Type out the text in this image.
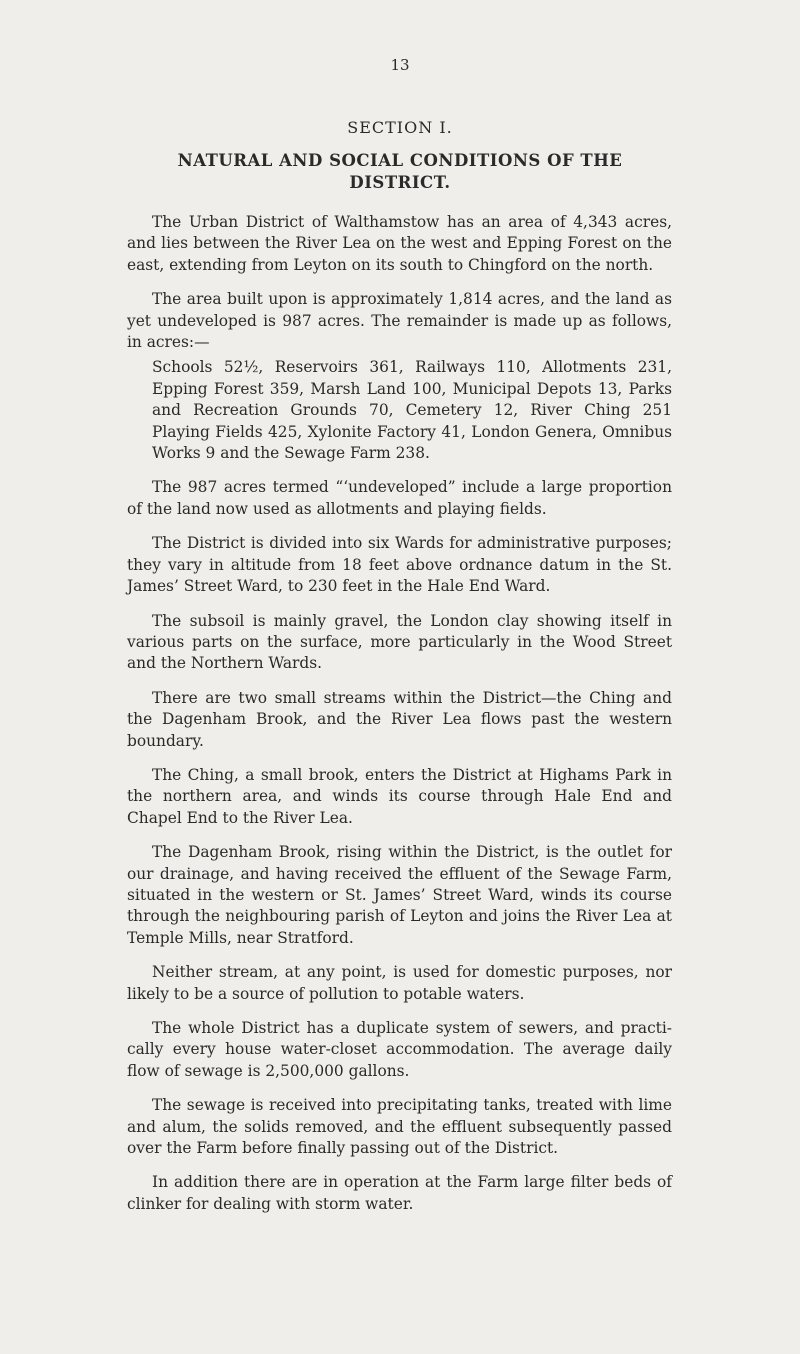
13
SECTION I.
NATURAL AND SOCIAL CONDITIONS OF THE DISTRICT.

The Urban District of Walthamstow has an area of 4,343 acres, and lies between the River Lea on the west and Epping Forest on the east, extending from Leyton on its south to Chingford on the north.

The area built upon is approximately 1,814 acres, and the land as yet undeveloped is 987 acres. The remainder is made up as follows, in acres:—

Schools 52½, Reservoirs 361, Railways 110, Allotments 231, Epping Forest 359, Marsh Land 100, Municipal Depots 13, Parks and Recreation Grounds 70, Cemetery 12, River Ching 251 Playing Fields 425, Xylonite Factory 41, London Genera, Omnibus Works 9 and the Sewage Farm 238.

The 987 acres termed “‘undeveloped” include a large proportion of the land now used as allotments and playing fields.

The District is divided into six Wards for administrative purposes; they vary in altitude from 18 feet above ordnance datum in the St. James’ Street Ward, to 230 feet in the Hale End Ward.

The subsoil is mainly gravel, the London clay showing itself in various parts on the surface, more particularly in the Wood Street and the Northern Wards.

There are two small streams within the District—the Ching and the Dagenham Brook, and the River Lea flows past the western boundary.

The Ching, a small brook, enters the District at Highams Park in the northern area, and winds its course through Hale End and Chapel End to the River Lea.

The Dagenham Brook, rising within the District, is the outlet for our drainage, and having received the effluent of the Sewage Farm, situated in the western or St. James’ Street Ward, winds its course through the neighbouring parish of Leyton and joins the River Lea at Temple Mills, near Stratford.

Neither stream, at any point, is used for domestic purposes, nor likely to be a source of pollution to potable waters.

The whole District has a duplicate system of sewers, and practi- cally every house water-closet accommodation. The average daily flow of sewage is 2,500,000 gallons.

The sewage is received into precipitating tanks, treated with lime and alum, the solids removed, and the effluent subsequently passed over the Farm before finally passing out of the District.

In addition there are in operation at the Farm large filter beds of clinker for dealing with storm water.
